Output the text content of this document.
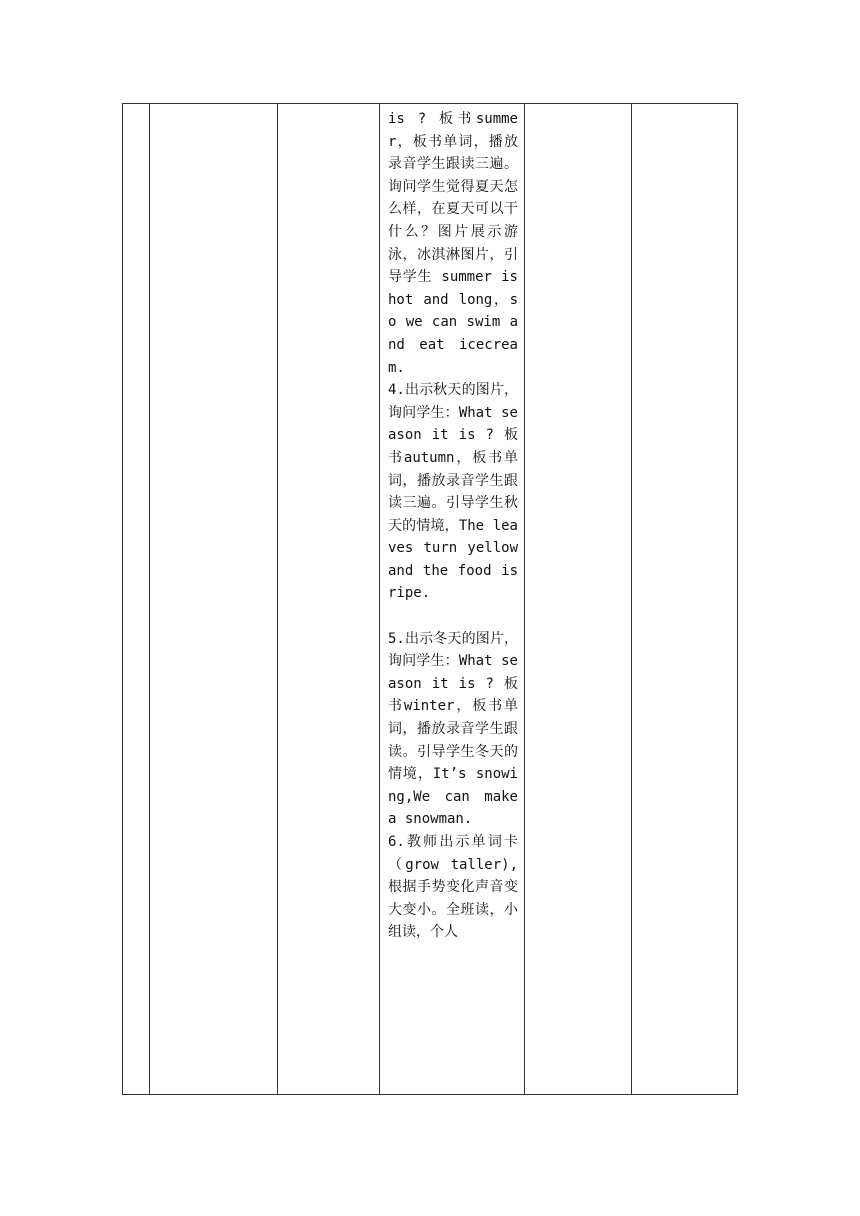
is ? 板书summer，板书单词，播放录音学生跟读三遍。询问学生觉得夏天怎么样，在夏天可以干什么？图片展示游泳，冰淇淋图片，引导学生 summer is hot and long，so we can swim and eat icecream.

4.出示秋天的图片，询问学生：What season it is ? 板书autumn，板书单词，播放录音学生跟读三遍。引导学生秋天的情境，The leaves turn yellow and the food is ripe.

5.出示冬天的图片，询问学生：What season it is ? 板书winter，板书单词，播放录音学生跟读。引导学生冬天的情境，It’s snowing,We can make a snowman.

6.教师出示单词卡（grow taller),根据手势变化声音变大变小。全班读，小组读，个人
